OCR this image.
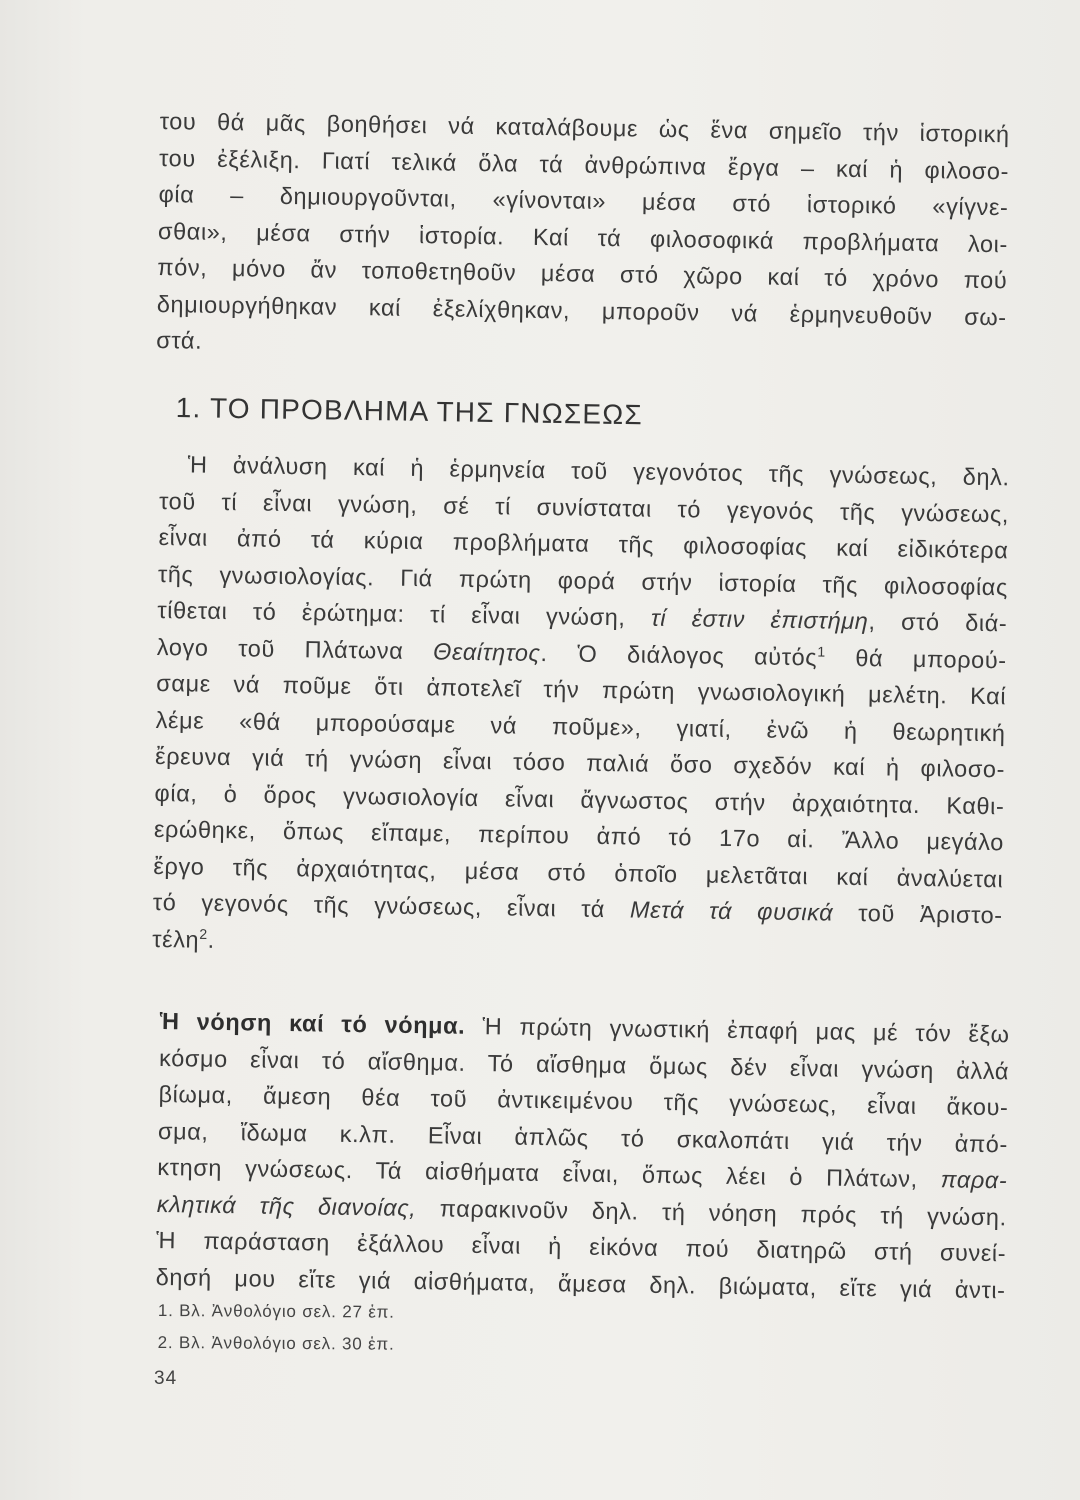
του θά μᾶς βοηθήσει νά καταλάβουμε ὡς ἕνα σημεῖο τήν ἱστορική
του ἐξέλιξη. Γιατί τελικά ὅλα τά ἀνθρώπινα ἔργα – καί ἡ φιλοσο-
φία – δημιουργοῦνται, «γίνονται» μέσα στό ἱστορικό «γίγνε-
σθαι», μέσα στήν ἱστορία. Καί τά φιλοσοφικά προβλήματα λοι-
πόν, μόνο ἄν τοποθετηθοῦν μέσα στό χῶρο καί τό χρόνο πού
δημιουργήθηκαν καί ἐξελίχθηκαν, μποροῦν νά ἑρμηνευθοῦν σω-
στά.
1. ΤΟ ΠΡΟΒΛΗΜΑ ΤΗΣ ΓΝΩΣΕΩΣ
Ἡ ἀνάλυση καί ἡ ἑρμηνεία τοῦ γεγονότος τῆς γνώσεως, δηλ.
τοῦ τί εἶναι γνώση, σέ τί συνίσταται τό γεγονός τῆς γνώσεως,
εἶναι ἀπό τά κύρια προβλήματα τῆς φιλοσοφίας καί εἰδικότερα
τῆς γνωσιολογίας. Γιά πρώτη φορά στήν ἱστορία τῆς φιλοσοφίας
τίθεται τό ἐρώτημα: τί εἶναι γνώση, τί ἐστιν ἐπιστήμη, στό διά-
λογο τοῦ Πλάτωνα Θεαίτητος. Ὁ διάλογος αὐτός$^1$ θά μπορού-
σαμε νά ποῦμε ὅτι ἀποτελεῖ τήν πρώτη γνωσιολογική μελέτη. Καί
λέμε «θά μπορούσαμε νά ποῦμε», γιατί, ἐνῶ ἡ θεωρητική
ἔρευνα γιά τή γνώση εἶναι τόσο παλιά ὅσο σχεδόν καί ἡ φιλοσο-
φία, ὁ ὅρος γνωσιολογία εἶναι ἄγνωστος στήν ἀρχαιότητα. Καθι-
ερώθηκε, ὅπως εἴπαμε, περίπου ἀπό τό 17ο αἰ. Ἄλλο μεγάλο
ἔργο τῆς ἀρχαιότητας, μέσα στό ὁποῖο μελετᾶται καί ἀναλύεται
τό γεγονός τῆς γνώσεως, εἶναι τά Μετά τά φυσικά τοῦ Ἀριστο-
τέλη$^2$.
Ἡ νόηση καί τό νόημα. Ἡ πρώτη γνωστική ἐπαφή μας μέ τόν ἔξω
κόσμο εἶναι τό αἴσθημα. Τό αἴσθημα ὅμως δέν εἶναι γνώση ἀλλά
βίωμα, ἄμεση θέα τοῦ ἀντικειμένου τῆς γνώσεως, εἶναι ἄκου-
σμα, ἴδωμα κ.λπ. Εἶναι ἁπλῶς τό σκαλοπάτι γιά τήν ἀπό-
κτηση γνώσεως. Τά αἰσθήματα εἶναι, ὅπως λέει ὁ Πλάτων, παρα-
κλητικά τῆς διανοίας, παρακινοῦν δηλ. τή νόηση πρός τή γνώση.
Ἡ παράσταση ἐξάλλου εἶναι ἡ εἰκόνα πού διατηρῶ στή συνεί-
δησή μου εἴτε γιά αἰσθήματα, ἄμεσα δηλ. βιώματα, εἴτε γιά ἀντι-
1. Βλ. Ἀνθολόγιο σελ. 27 ἑπ.
2. Βλ. Ἀνθολόγιο σελ. 30 ἑπ.
34
